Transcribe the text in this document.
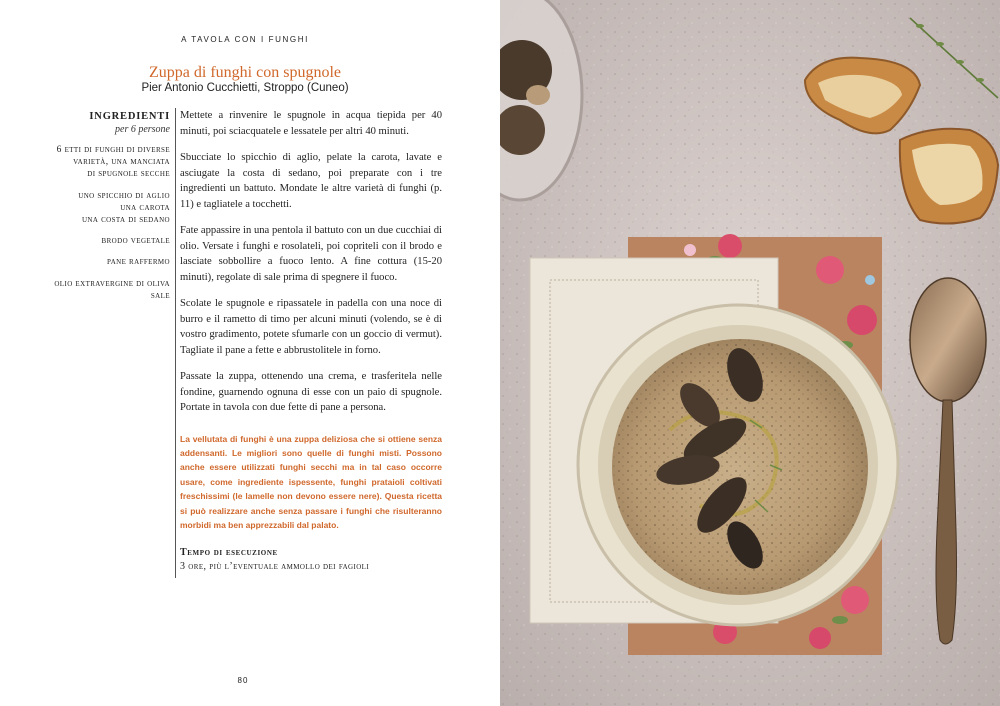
A TAVOLA CON I FUNGHI
Zuppa di funghi con spugnole
Pier Antonio Cucchietti, Stroppo (Cuneo)
INGREDIENTI
per 6 persone
6 etti di funghi di diverse
varietà, una manciata
di spugnole secche
uno spicchio di aglio
una carota
una costa di sedano
brodo vegetale
pane raffermo
olio extravergine di oliva
sale

Mettete a rinvenire le spugnole in acqua tiepida per 40 minuti, poi sciacquatele e lessatele per altri 40 minuti.

Sbucciate lo spicchio di aglio, pelate la carota, lavate e asciugate la costa di sedano, poi preparate con i tre ingredienti un battuto. Mondate le altre varietà di funghi (p. 11) e tagliatele a tocchetti.

Fate appassire in una pentola il battuto con un due cucchiai di olio. Versate i funghi e rosolateli, poi copriteli con il brodo e lasciate sobbollire a fuoco lento. A fine cottura (15-20 minuti), regolate di sale prima di spegnere il fuoco.

Scolate le spugnole e ripassatele in padella con una noce di burro e il rametto di timo per alcuni minuti (volendo, se è di vostro gradimento, potete sfumarle con un goccio di vermut). Tagliate il pane a fette e abbrustolitele in forno.

Passate la zuppa, ottenendo una crema, e trasferitela nelle fondine, guarnendo ognuna di esse con un paio di spugnole. Portate in tavola con due fette di pane a persona.

La vellutata di funghi è una zuppa deliziosa che si ottiene senza addensanti. Le migliori sono quelle di funghi misti. Possono anche essere utilizzati funghi secchi ma in tal caso occorre usare, come ingrediente ispessente, funghi prataioli coltivati freschissimi (le lamelle non devono essere nere). Questa ricetta si può realizzare anche senza passare i funghi che risulteranno morbidi ma ben apprezzabili dal palato.

Tempo di esecuzione
3 ore, più l’eventuale ammollo dei fagioli
80
